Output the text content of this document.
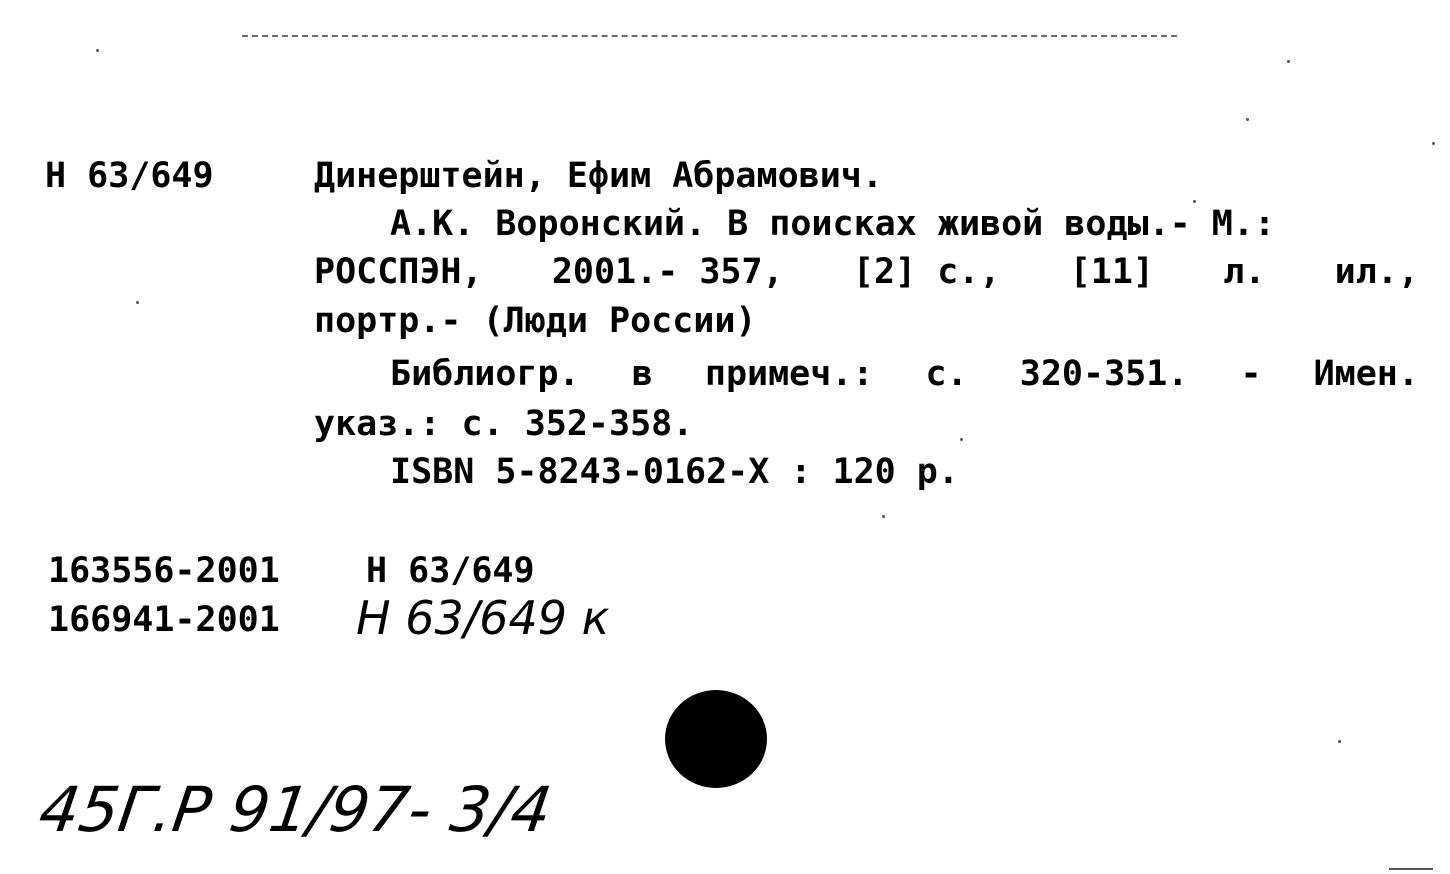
Н 63/649	Динерштейн, Ефим Абрамович.
А.К. Воронский. В поисках живой воды.- М.:
РОССПЭН, 2001.- 357, [2] с., [11] л. ил.,
портр.- (Люди России)
Библиогр. в примеч.: с. 320-351. - Имен.
указ.: с. 352-358.
ISBN 5-8243-0162-X : 120 р.
163556-2001 Н 63/649
166941-2001 Н 63/649 к
45Г.Р 91/97- 3/4
